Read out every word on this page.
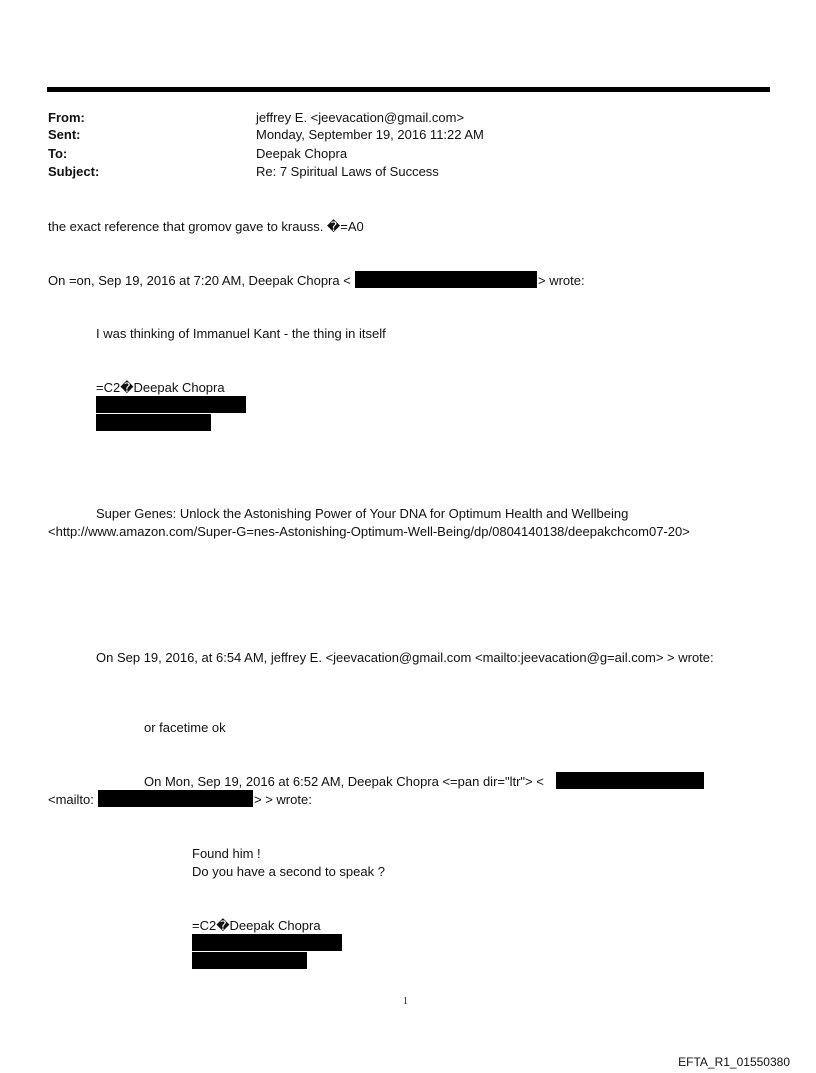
From:	jeffrey E. <jeevacation@gmail.com>
Sent:	Monday, September 19, 2016 11:22 AM
To:	Deepak Chopra
Subject:	Re: 7 Spiritual Laws of Success
the exact reference that gromov gave to krauss. �=A0
On =on, Sep 19, 2016 at 7:20 AM, Deepak Chopra <	> wrote:
I was thinking of Immanuel Kant - the thing in itself
=C2�Deepak Chopra
Super Genes: Unlock the Astonishing Power of Your DNA for Optimum Health and Wellbeing
<http://www.amazon.com/Super-G=nes-Astonishing-Optimum-Well-Being/dp/0804140138/deepakchcom07-20>
On Sep 19, 2016, at 6:54 AM, jeffrey E. <jeevacation@gmail.com <mailto:jeevacation@g=ail.com> > wrote:
or facetime ok
On Mon, Sep 19, 2016 at 6:52 AM, Deepak Chopra <=pan dir="ltr"> <
<mailto:	> > wrote:
Found him !
Do you have a second to speak ?
=C2�Deepak Chopra
1
EFTA_R1_01550380
